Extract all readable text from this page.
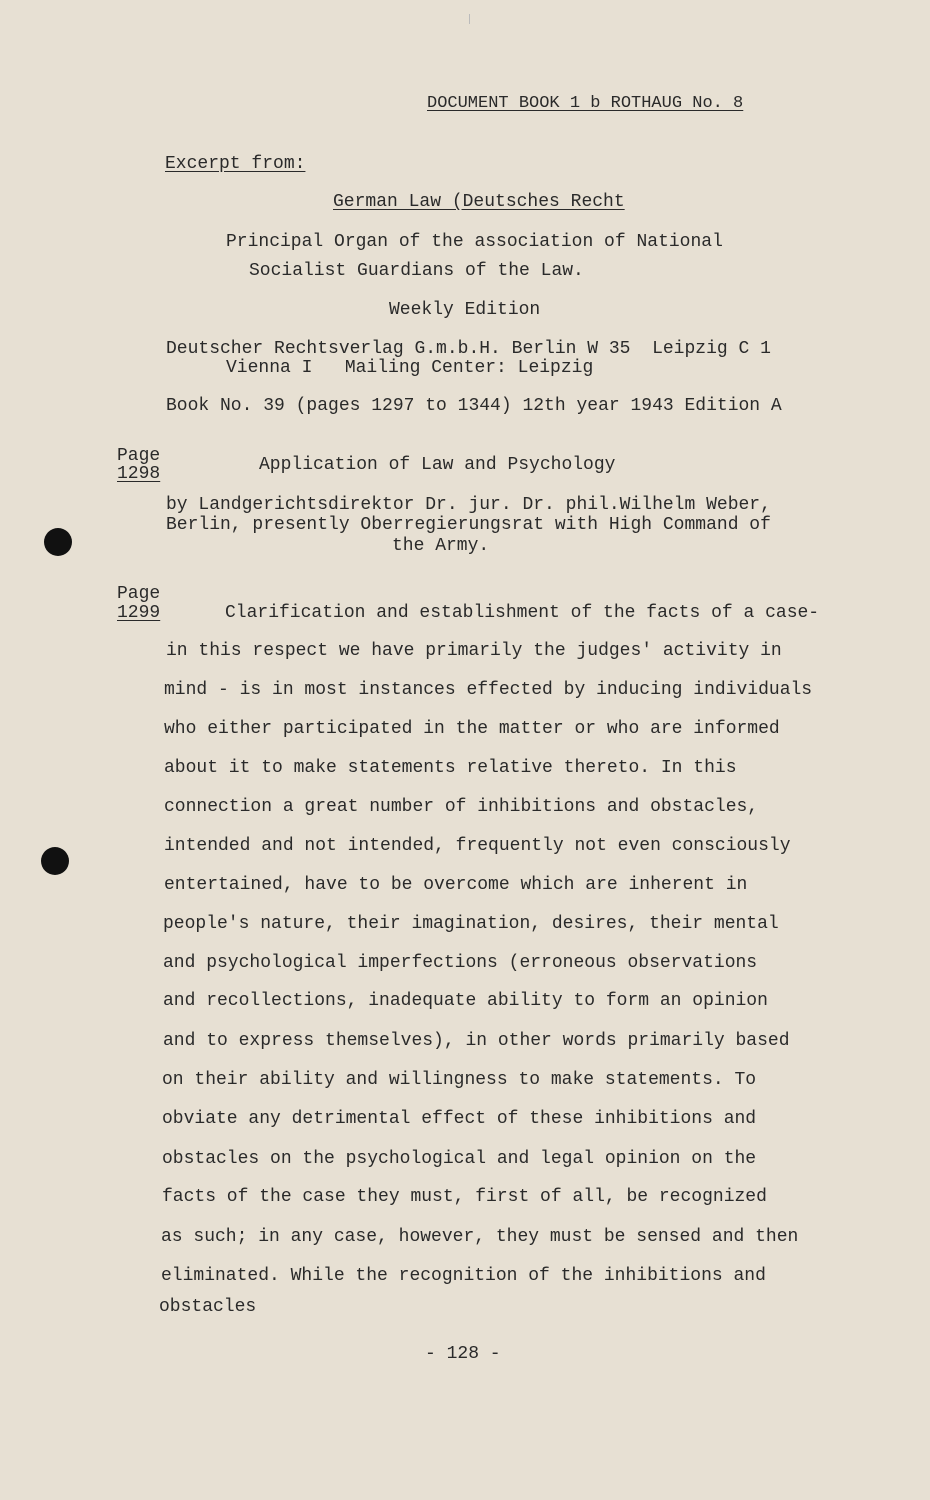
DOCUMENT BOOK 1 b ROTHAUG No. 8
Excerpt from:
German Law (Deutsches Recht
Principal Organ of the association of National
Socialist Guardians of the Law.
Weekly Edition
Deutscher Rechtsverlag G.m.b.H. Berlin W 35  Leipzig C 1
Vienna I   Mailing Center: Leipzig
Book No. 39 (pages 1297 to 1344) 12th year 1943 Edition A
Page
1298	Application of Law and Psychology
by Landgerichtsdirektor Dr. jur. Dr. phil.Wilhelm Weber,
Berlin, presently Oberregierungsrat with High Command of
the Army.
Page
1299	Clarification and establishment of the facts of a case-
in this respect we have primarily the judges' activity in
mind - is in most instances effected by inducing individuals
who either participated in the matter or who are informed
about it to make statements relative thereto. In this
connection a great number of inhibitions and obstacles,
intended and not intended, frequently not even consciously
entertained, have to be overcome which are inherent in
people's nature, their imagination, desires, their mental
and psychological imperfections (erroneous observations
and recollections, inadequate ability to form an opinion
and to express themselves), in other words primarily based
on their ability and willingness to make statements. To
obviate any detrimental effect of these inhibitions and
obstacles on the psychological and legal opinion on the
facts of the case they must, first of all, be recognized
as such; in any case, however, they must be sensed and then
eliminated. While the recognition of the inhibitions and
obstacles
- 128 -
